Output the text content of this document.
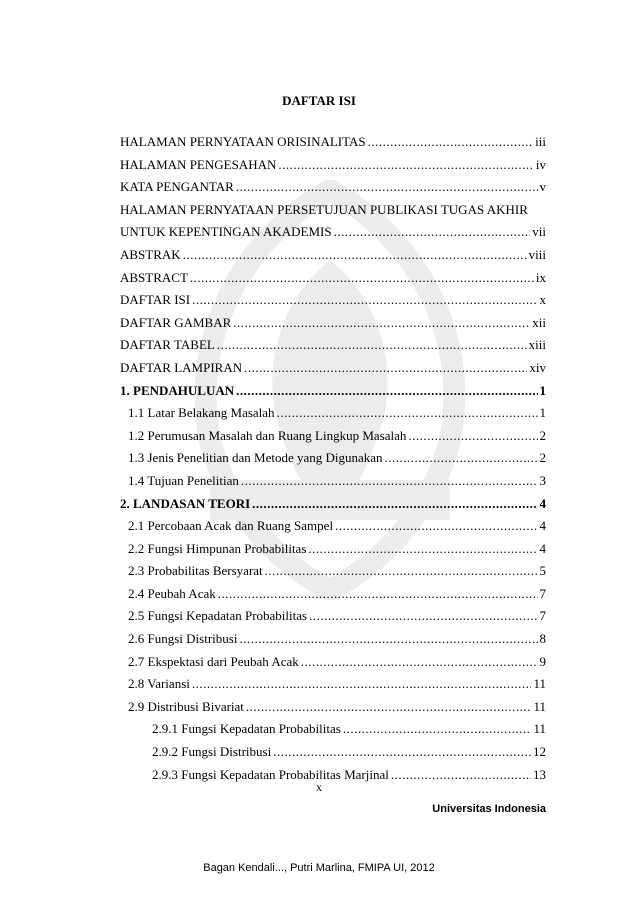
DAFTAR ISI
HALAMAN PERNYATAAN ORISINALITAS .....	iii
HALAMAN PENGESAHAN .....	iv
KATA PENGANTAR .....	v
HALAMAN PERNYATAAN PERSETUJUAN PUBLIKASI TUGAS AKHIR
UNTUK KEPENTINGAN AKADEMIS .....	vii
ABSTRAK .....	viii
ABSTRACT .....	ix
DAFTAR ISI .....	x
DAFTAR GAMBAR .....	xii
DAFTAR TABEL .....	xiii
DAFTAR LAMPIRAN .....	xiv
1. PENDAHULUAN .....	1
1.1 Latar Belakang Masalah .....	1
1.2 Perumusan Masalah dan Ruang Lingkup Masalah .....	2
1.3 Jenis Penelitian dan Metode yang Digunakan .....	2
1.4 Tujuan Penelitian .....	3
2. LANDASAN TEORI .....	4
2.1 Percobaan Acak dan Ruang Sampel .....	4
2.2 Fungsi Himpunan Probabilitas .....	4
2.3 Probabilitas Bersyarat .....	5
2.4 Peubah Acak .....	7
2.5 Fungsi Kepadatan Probabilitas .....	7
2.6 Fungsi Distribusi .....	8
2.7 Ekspektasi dari Peubah Acak .....	9
2.8 Variansi .....	11
2.9 Distribusi Bivariat .....	11
2.9.1 Fungsi Kepadatan Probabilitas .....	11
2.9.2 Fungsi Distribusi .....	12
2.9.3 Fungsi Kepadatan Probabilitas Marjinal .....	13
x
Universitas Indonesia
Bagan Kendali..., Putri Marlina, FMIPA UI, 2012
